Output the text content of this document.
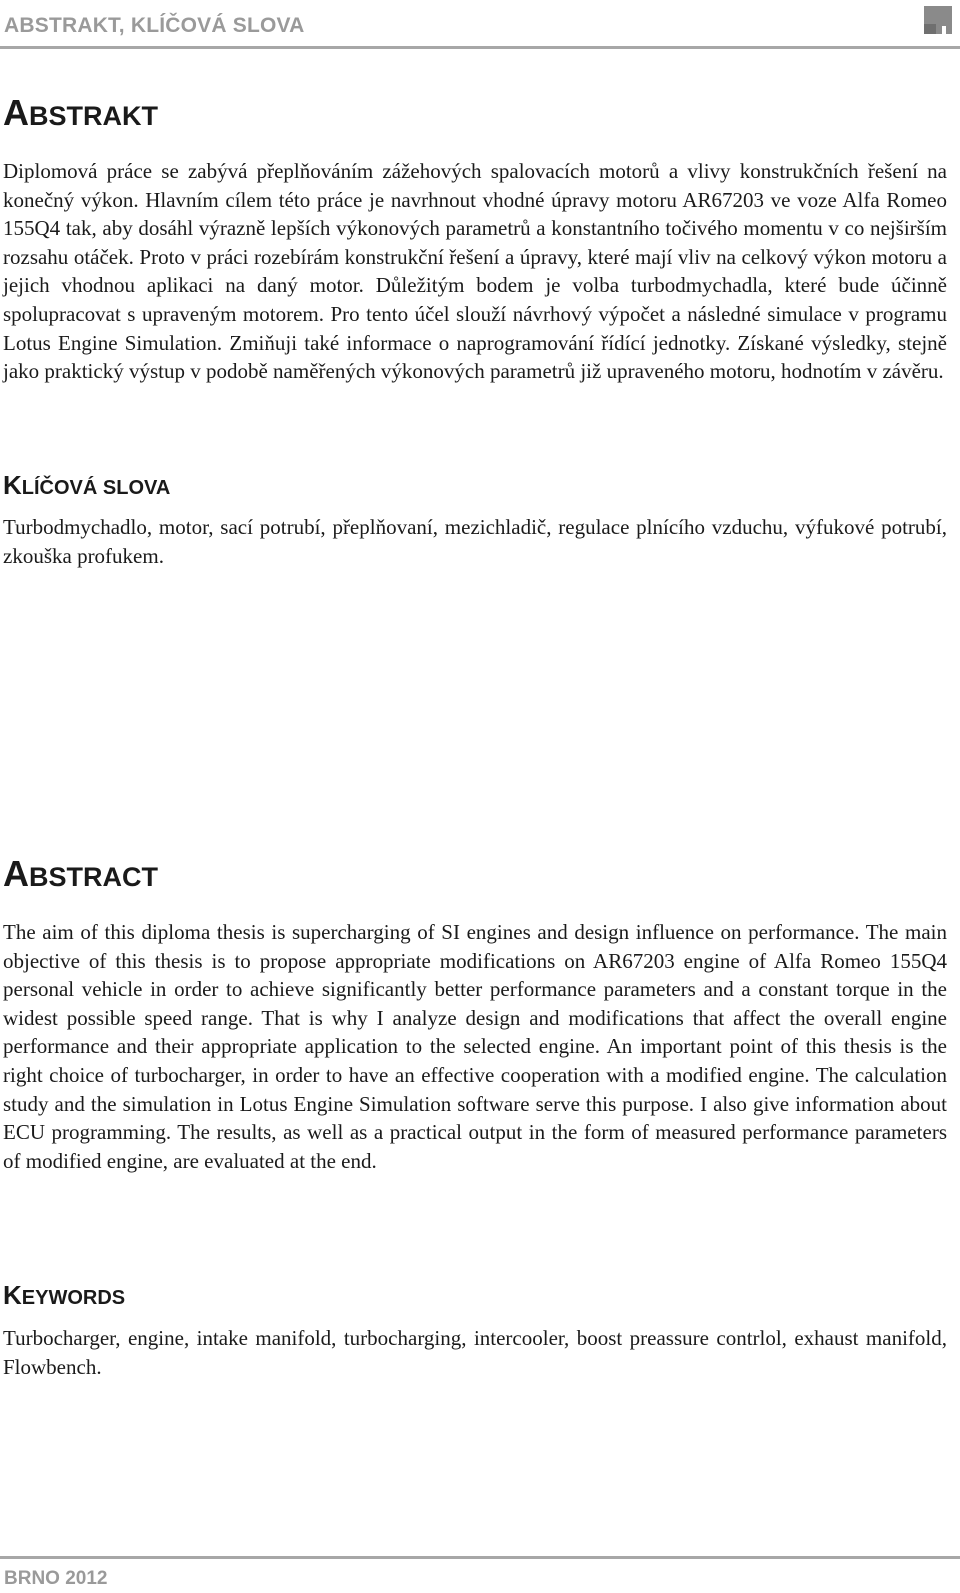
ABSTRAKT, KLÍČOVÁ SLOVA
ABSTRAKT

Diplomová práce se zabývá přeplňováním zážehových spalovacích motorů a vlivy konstrukčních řešení na konečný výkon. Hlavním cílem této práce je navrhnout vhodné úpravy motoru AR67203 ve voze Alfa Romeo 155Q4 tak, aby dosáhl výrazně lepších výkonových parametrů a konstantního točivého momentu v co nejširším rozsahu otáček. Proto v práci rozebírám konstrukční řešení a úpravy, které mají vliv na celkový výkon motoru a jejich vhodnou aplikaci na daný motor. Důležitým bodem je volba turbodmychadla, které bude účinně spolupracovat s upraveným motorem. Pro tento účel slouží návrhový výpočet a následné simulace v programu Lotus Engine Simulation. Zmiňuji také informace o naprogramování řídící jednotky. Získané výsledky, stejně jako praktický výstup v podobě naměřených výkonových parametrů již upraveného motoru, hodnotím v závěru.

KLÍČOVÁ SLOVA

Turbodmychadlo, motor, sací potrubí, přeplňovaní, mezichladič, regulace plnícího vzduchu, výfukové potrubí, zkouška profukem.

ABSTRACT

The aim of this diploma thesis is supercharging of SI engines and design influence on performance. The main objective of this thesis is to propose appropriate modifications on AR67203 engine of Alfa Romeo 155Q4 personal vehicle in order to achieve significantly better performance parameters and a constant torque in the widest possible speed range. That is why I analyze design and modifications that affect the overall engine performance and their appropriate application to the selected engine. An important point of this thesis is the right choice of turbocharger, in order to have an effective cooperation with a modified engine. The calculation study and the simulation in Lotus Engine Simulation software serve this purpose. I also give information about ECU programming. The results, as well as a practical output in the form of measured performance parameters of modified engine, are evaluated at the end.

KEYWORDS

Turbocharger, engine, intake manifold, turbocharging, intercooler, boost preassure contrlol, exhaust manifold, Flowbench.

BRNO 2012
